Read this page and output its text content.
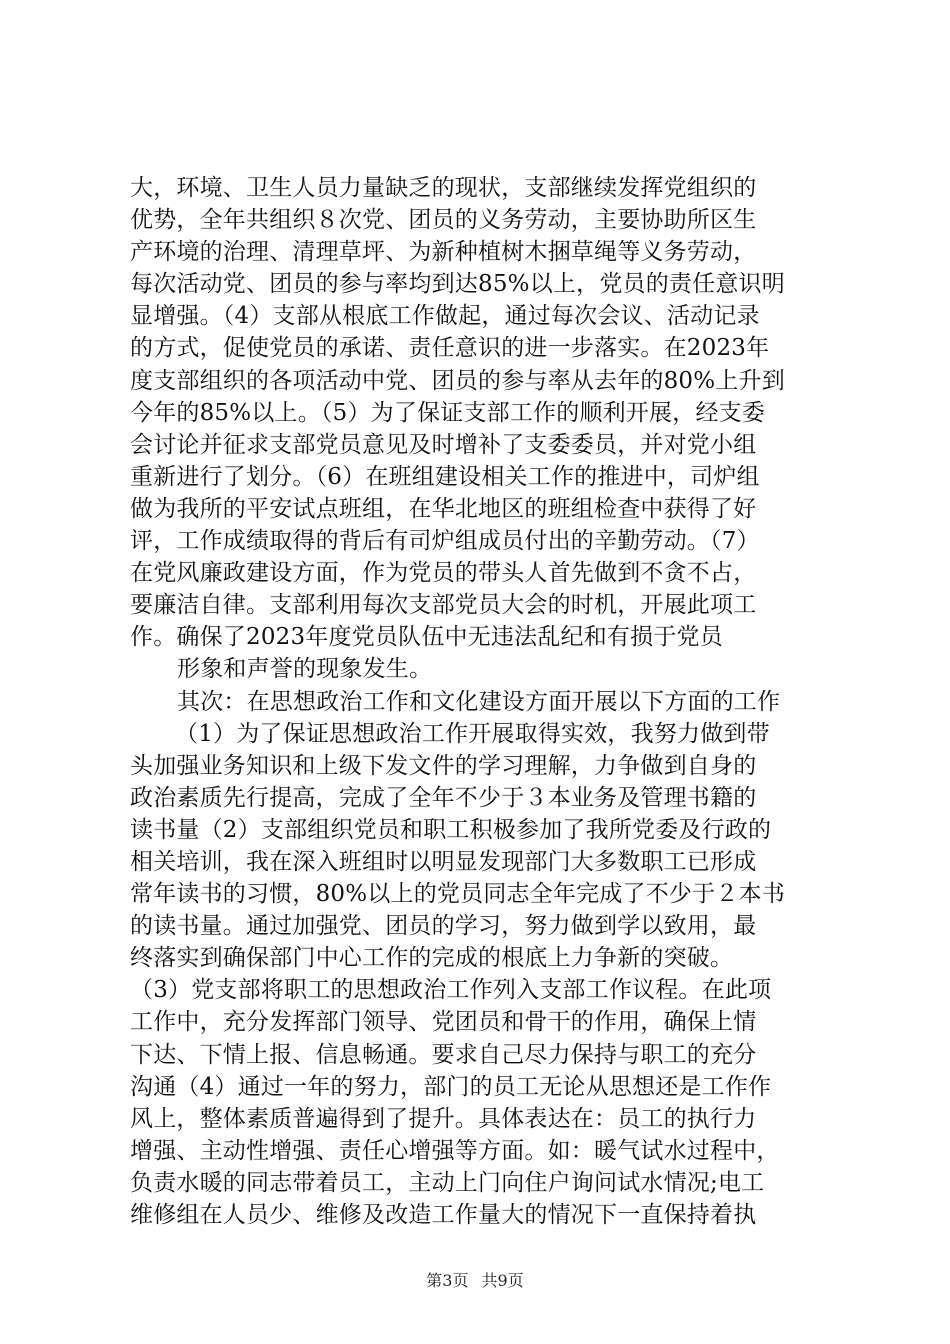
大，环境、卫生人员力量缺乏的现状，支部继续发挥党组织的
优势，全年共组织８次党、团员的义务劳动，主要协助所区生
产环境的治理、清理草坪、为新种植树木捆草绳等义务劳动，
每次活动党、团员的参与率均到达85%以上，党员的责任意识明
显增强。（4）支部从根底工作做起，通过每次会议、活动记录
的方式，促使党员的承诺、责任意识的进一步落实。在2023年
度支部组织的各项活动中党、团员的参与率从去年的80%上升到
今年的85%以上。（5）为了保证支部工作的顺利开展，经支委
会讨论并征求支部党员意见及时增补了支委委员，并对党小组
重新进行了划分。（6）在班组建设相关工作的推进中，司炉组
做为我所的平安试点班组，在华北地区的班组检查中获得了好
评，工作成绩取得的背后有司炉组成员付出的辛勤劳动。（7）
在党风廉政建设方面，作为党员的带头人首先做到不贪不占，
要廉洁自律。支部利用每次支部党员大会的时机，开展此项工
作。确保了2023年度党员队伍中无违法乱纪和有损于党员
形象和声誉的现象发生。
其次：在思想政治工作和文化建设方面开展以下方面的工作
（1）为了保证思想政治工作开展取得实效，我努力做到带
头加强业务知识和上级下发文件的学习理解，力争做到自身的
政治素质先行提高，完成了全年不少于３本业务及管理书籍的
读书量（2）支部组织党员和职工积极参加了我所党委及行政的
相关培训，我在深入班组时以明显发现部门大多数职工已形成
常年读书的习惯，80%以上的党员同志全年完成了不少于２本书
的读书量。通过加强党、团员的学习，努力做到学以致用，最
终落实到确保部门中心工作的完成的根底上力争新的突破。
（3）党支部将职工的思想政治工作列入支部工作议程。在此项
工作中，充分发挥部门领导、党团员和骨干的作用，确保上情
下达、下情上报、信息畅通。要求自己尽力保持与职工的充分
沟通（4）通过一年的努力，部门的员工无论从思想还是工作作
风上，整体素质普遍得到了提升。具体表达在：员工的执行力
增强、主动性增强、责任心增强等方面。如：暖气试水过程中，
负责水暖的同志带着员工，主动上门向住户询问试水情况;电工
维修组在人员少、维修及改造工作量大的情况下一直保持着执
第3页 共9页
